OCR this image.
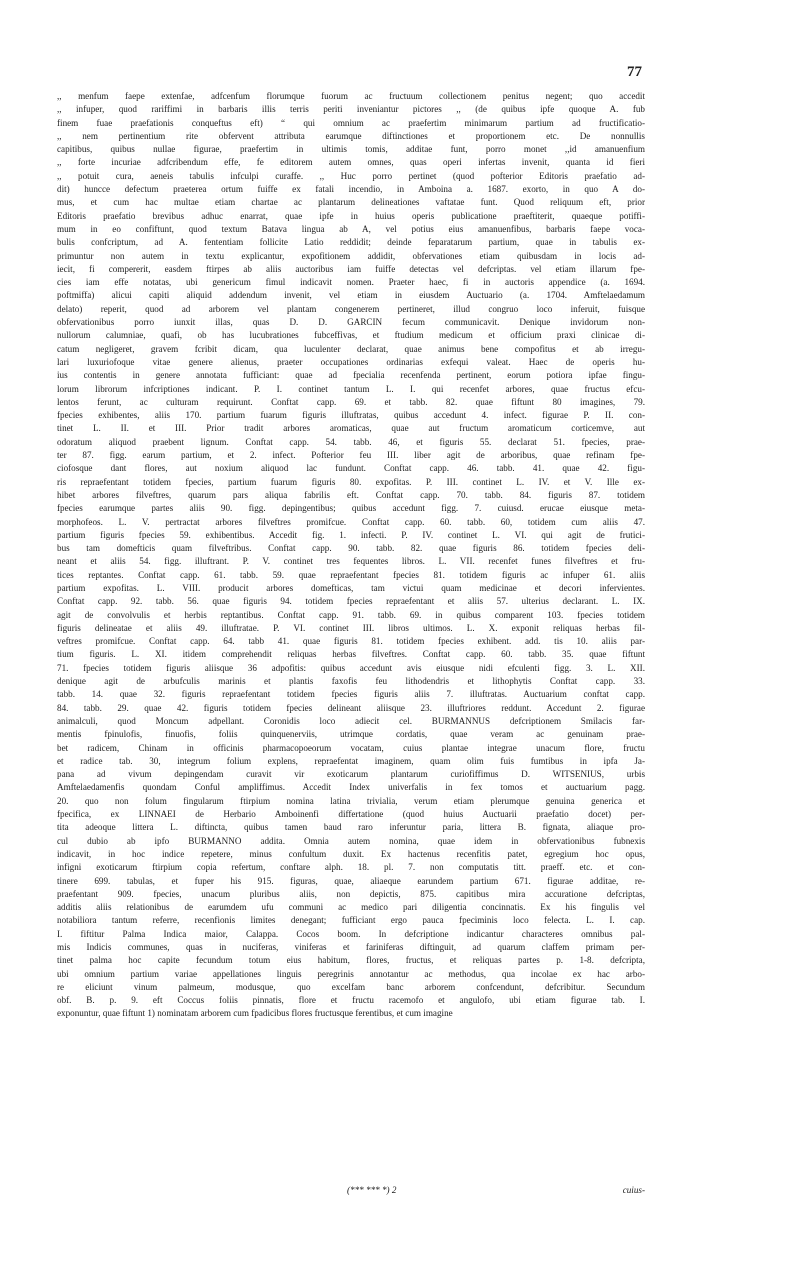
77
,, menfum faepe extenfae, adfcenfum florumque fuorum ac fructuum collectionem penitus negent; quo accedit
,, infuper, quod rariffimi in barbaris illis terris periti inveniantur pictores ,, (de quibus ipfe quoque A. fub
finem fuae praefationis conqueftus eft) “ qui omnium ac praefertim minimarum partium ad fructificatio-
,, nem pertinentium rite obfervent attributa earumque diftinctiones et proportionem etc. De nonnullis
capitibus, quibus nullae figurae, praefertim in ultimis tomis, additae funt, porro monet ,,id amanuenfium
,, forte incuriae adfcribendum effe, fe editorem autem omnes, quas operi infertas invenit, quanta id fieri
,, potuit cura, aeneis tabulis infculpi curaffe. ,, Huc porro pertinet (quod pofterior Editoris praefatio ad-
dit) huncce defectum praeterea ortum fuiffe ex fatali incendio, in Amboina a. 1687. exorto, in quo A do-
mus, et cum hac multae etiam chartae ac plantarum delineationes vaftatae funt. Quod reliquum eft, prior
Editoris praefatio brevibus adhuc enarrat, quae ipfe in huius operis publicatione praeftiterit, quaeque potiffi-
mum in eo confiftunt, quod textum Batava lingua ab A, vel potius eius amanuenfibus, barbaris faepe voca-
bulis confcriptum, ad A. fententiam follicite Latio reddidit; deinde feparatarum partium, quae in tabulis ex-
primuntur non autem in textu explicantur, expofitionem addidit, obfervationes etiam quibusdam in locis ad-
iecit, fi compererit, easdem ftirpes ab aliis auctoribus iam fuiffe detectas vel defcriptas. vel etiam illarum fpe-
cies iam effe notatas, ubi genericum fimul indicavit nomen. Praeter haec, fi in auctoris appendice (a. 1694.
poftmiffa) alicui capiti aliquid addendum invenit, vel etiam in eiusdem Auctuario (a. 1704. Amftelaedamum
delato) reperit, quod ad arborem vel plantam congenerem pertineret, illud congruo loco inferuit, fuisque
obfervationibus porro iunxit illas, quas D. D. GARCIN fecum communicavit. Denique invidorum non-
nullorum calumniae, quafi, ob has lucubrationes fubceffivas, et ftudium medicum et officium praxi clinicae di-
catum negligeret, gravem fcribit dicam, qua luculenter declarat, quae animus bene compofitus et ab irregu-
lari luxuriofoque vitae genere alienus, praeter occupationes ordinarias exfequi valeat. Haec de operis hu-
ius contentis in genere annotata fufficiant: quae ad fpecialia recenfenda pertinent, eorum potiora ipfae fingu-
lorum librorum infcriptiones indicant. P. I. continet tantum L. I. qui recenfet arbores, quae fructus efcu-
lentos ferunt, ac culturam requirunt. Conftat capp. 69. et tabb. 82. quae fiftunt 80 imagines, 79.
fpecies exhibentes, aliis 170. partium fuarum figuris illuftratas, quibus accedunt 4. infect. figurae P. II. con-
tinet L. II. et III. Prior tradit arbores aromaticas, quae aut fructum aromaticum corticemve, aut
odoratum aliquod praebent lignum. Conftat capp. 54. tabb. 46, et figuris 55. declarat 51. fpecies, prae-
ter 87. figg. earum partium, et 2. infect. Pofterior feu III. liber agit de arboribus, quae refinam fpe-
ciofosque dant flores, aut noxium aliquod lac fundunt. Conftat capp. 46. tabb. 41. quae 42. figu-
ris repraefentant totidem fpecies, partium fuarum figuris 80. expofitas. P. III. continet L. IV. et V. Ille ex-
hibet arbores filveftres, quarum pars aliqua fabrilis eft. Conftat capp. 70. tabb. 84. figuris 87. totidem
fpecies earumque partes aliis 90. figg. depingentibus; quibus accedunt figg. 7. cuiusd. erucae eiusque meta-
morphofeos. L. V. pertractat arbores filveftres promifcue. Conftat capp. 60. tabb. 60, totidem cum aliis 47.
partium figuris fpecies 59. exhibentibus. Accedit fig. 1. infecti. P. IV. continet L. VI. qui agit de frutici-
bus tam domefticis quam filveftribus. Conftat capp. 90. tabb. 82. quae figuris 86. totidem fpecies deli-
neant et aliis 54. figg. illuftrant. P. V. continet tres fequentes libros. L. VII. recenfet funes filveftres et fru-
tices reptantes. Conftat capp. 61. tabb. 59. quae repraefentant fpecies 81. totidem figuris ac infuper 61. aliis
partium expofitas. L. VIII. producit arbores domefticas, tam victui quam medicinae et decori infervientes.
Conftat capp. 92. tabb. 56. quae figuris 94. totidem fpecies repraefentant et aliis 57. ulterius declarant. L. IX.
agit de convolvulis et herbis reptantibus. Conftat capp. 91. tabb. 69. in quibus comparent 103. fpecies totidem
figuris delineatae et aliis 49. illuftratae. P. VI. continet III. libros ultimos. L. X. exponit reliquas herbas fil-
veftres promifcue. Conftat capp. 64. tabb 41. quae figuris 81. totidem fpecies exhibent. add. tis 10. aliis par-
tium figuris. L. XI. itidem comprehendit reliquas herbas filveftres. Conftat capp. 60. tabb. 35. quae fiftunt
71. fpecies totidem figuris aliisque 36 adpofitis: quibus accedunt avis eiusque nidi efculenti figg. 3. L. XII.
denique agit de arbufculis marinis et plantis faxofis feu lithodendris et lithophytis Conftat capp. 33.
tabb. 14. quae 32. figuris repraefentant totidem fpecies figuris aliis 7. illuftratas. Auctuarium conftat capp.
84. tabb. 29. quae 42. figuris totidem fpecies delineant aliisque 23. illuftriores reddunt. Accedunt 2. figurae
animalculi, quod Moncum adpellant. Coronidis loco adiecit cel. BURMANNUS defcriptionem Smilacis far-
mentis fpinulofis, finuofis, foliis quinquenerviis, utrimque cordatis, quae veram ac genuinam prae-
bet radicem, Chinam in officinis pharmacopoeorum vocatam, cuius plantae integrae unacum flore, fructu
et radice tab. 30, integrum folium explens, repraefentat imaginem, quam olim fuis fumtibus in ipfa Ja-
pana ad vivum depingendam curavit vir exoticarum plantarum curiofiffimus D. WITSENIUS, urbis
Amftelaedamenfis quondam Conful ampliffimus. Accedit Index univerfalis in fex tomos et auctuarium pagg.
20. quo non folum fingularum ftirpium nomina latina trivialia, verum etiam plerumque genuina generica et
fpecifica, ex LINNAEI de Herbario Amboinenfi differtatione (quod huius Auctuarii praefatio docet) per-
tita adeoque littera L. diftincta, quibus tamen baud raro inferuntur paria, littera B. fignata, aliaque pro-
cul dubio ab ipfo BURMANNO addita. Omnia autem nomina, quae idem in obfervationibus fubnexis
indicavit, in hoc indice repetere, minus confultum duxit. Ex hactenus recenfitis patet, egregium hoc opus,
infigni exoticarum ftirpium copia refertum, conftare alph. 18. pl. 7. non computatis titt. praeff. etc. et con-
tinere 699. tabulas, et fuper his 915. figuras, quae, aliaeque earundem partium 671. figurae additae, re-
praefentant 909. fpecies, unacum pluribus aliis, non depictis, 875. capitibus mira accuratione defcriptas,
additis aliis relationibus de earumdem ufu communi ac medico pari diligentia concinnatis. Ex his fingulis vel
notabiliora tantum referre, recenfionis limites denegant; fufficiant ergo pauca fpeciminis loco felecta. L. I. cap.
I. fiftitur Palma Indica maior, Calappa. Cocos boom. In defcriptione indicantur characteres omnibus pal-
mis Indicis communes, quas in nuciferas, viniferas et fariniferas diftinguit, ad quarum claffem primam per-
tinet palma hoc capite fecundum totum eius habitum, flores, fructus, et reliquas partes p. 1-8. defcripta,
ubi omnium partium variae appellationes linguis peregrinis annotantur ac methodus, qua incolae ex hac arbo-
re eliciunt vinum palmeum, modusque, quo excelfam banc arborem confcendunt, defcribitur. Secundum
obf. B. p. 9. eft Coccus foliis pinnatis, flore et fructu racemofo et angulofo, ubi etiam figurae tab. I.
exponuntur, quae fiftunt 1) nominatam arborem cum fpadicibus flores fructusque ferentibus, et cum imagine
(*** *** *) 2	cuius-
